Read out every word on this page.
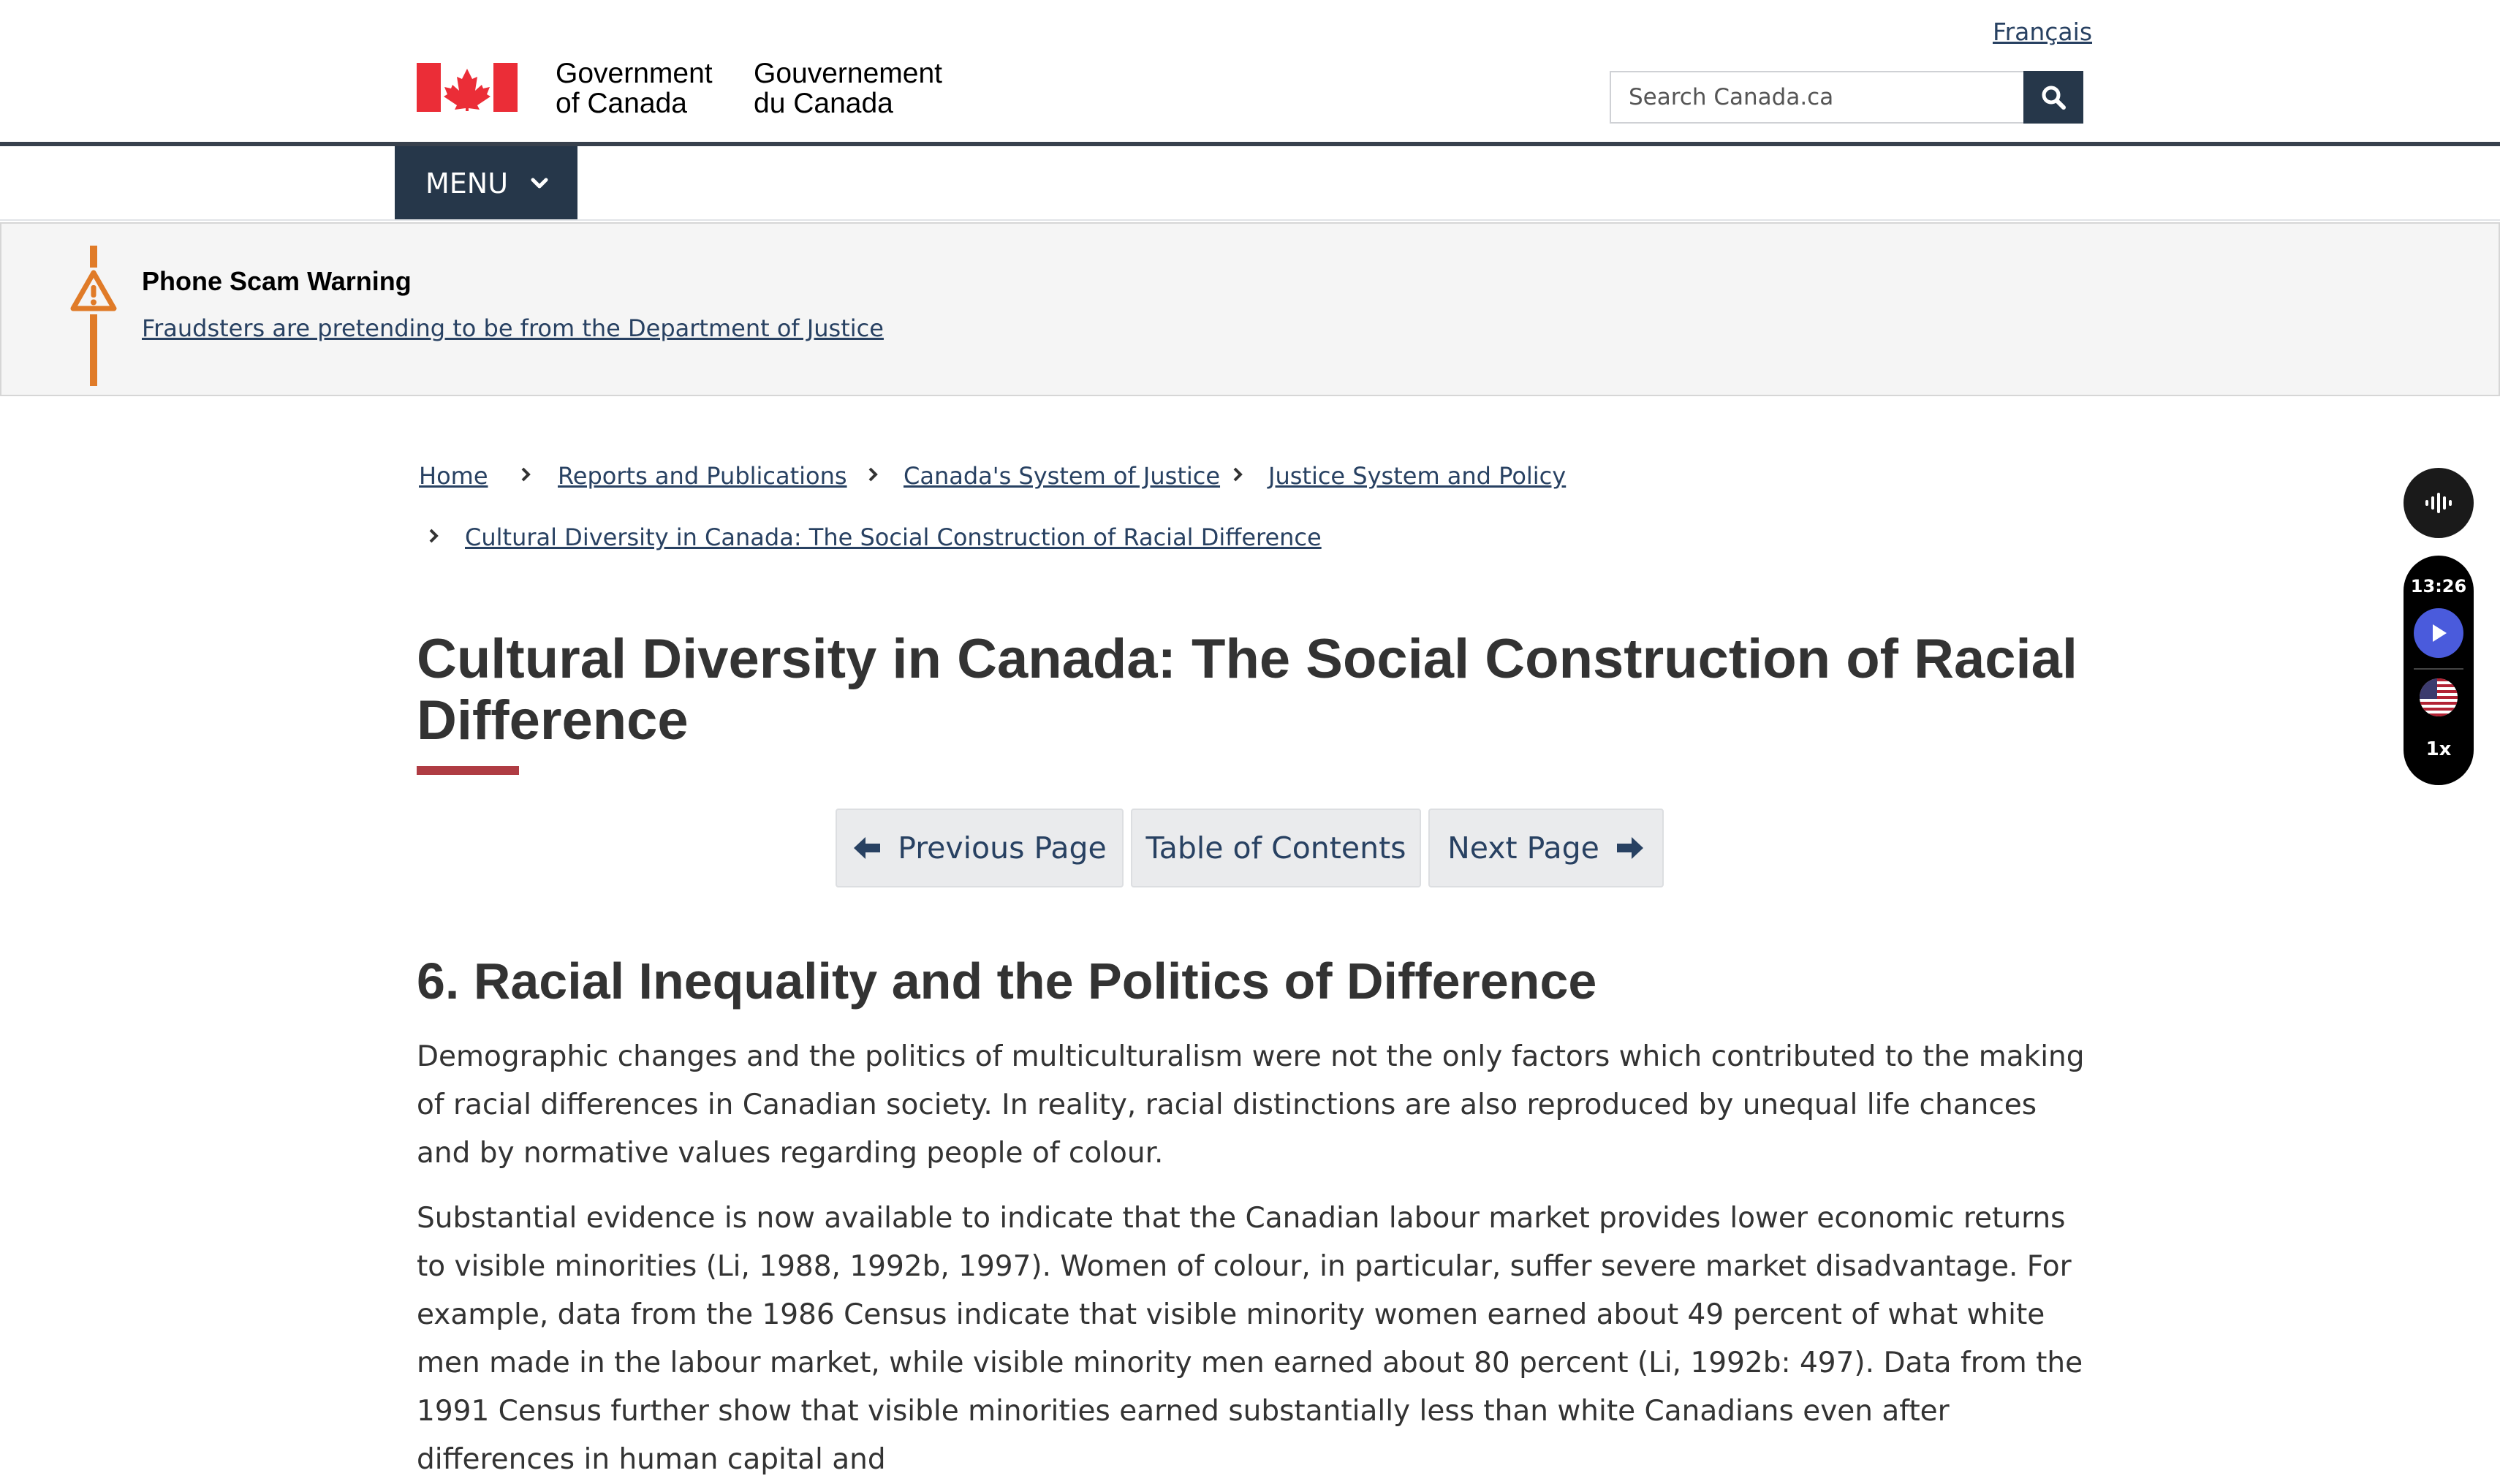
Français
Government
of Canada
Gouvernement
du Canada
Search Canada.ca
MENU
Phone Scam Warning
Fraudsters are pretending to be from the Department of Justice
Home	Reports and Publications Canada's System of Justice Justice System and Policy
Cultural Diversity in Canada: The Social Construction of Racial Difference
Cultural Diversity in Canada: The Social Construction of Racial Difference
Previous Page Table of Contents Next Page
6. Racial Inequality and the Politics of Difference

Demographic changes and the politics of multiculturalism were not the only factors which contributed to the making of racial differences in Canadian society. In reality, racial distinctions are also reproduced by unequal life chances and by normative values regarding people of colour.

Substantial evidence is now available to indicate that the Canadian labour market provides lower economic returns to visible minorities (Li, 1988, 1992b, 1997). Women of colour, in particular, suffer severe market disadvantage. For example, data from the 1986 Census indicate that visible minority women earned about 49 percent of what white men made in the labour market, while visible minority men earned about 80 percent (Li, 1992b: 497). Data from the 1991 Census further show that visible minorities earned substantially less than white Canadians even after differences in human capital and

13:26
1x
